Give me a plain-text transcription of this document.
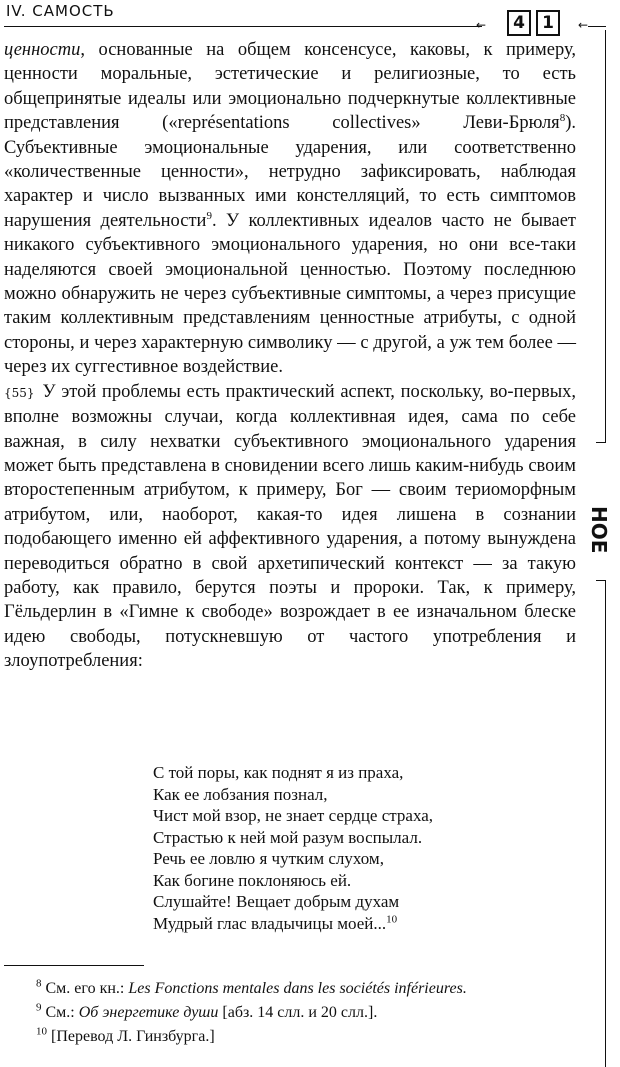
IV. САМОСТЬ
←	4	1	←
НОЕ

ценности, основанные на общем консенсусе, каковы, к примеру, ценности моральные, эстетические и религиозные, то есть общепринятые идеалы или эмоционально подчеркнутые коллективные представления («représentations collectives» Леви-Брюля$^8$). Субъективные эмоциональные ударения, или соответственно «количественные ценности», нетрудно зафиксировать, наблюдая характер и число вызванных ими констелляций, то есть симптомов нарушения деятельности$^9$. У коллективных идеалов часто не бывает никакого субъективного эмоционального ударения, но они все-таки наделяются своей эмоциональной ценностью. Поэтому последнюю можно обнаружить не через субъективные симптомы, а через присущие таким коллективным представлениям ценностные атрибуты, с одной стороны, и через характерную символику — с другой, а уж тем более — через их суггестивное воздействие.

{55} У этой проблемы есть практический аспект, поскольку, во-первых, вполне возможны случаи, когда коллективная идея, сама по себе важная, в силу нехватки субъективного эмоционального ударения может быть представлена в сновидении всего лишь каким-нибудь своим второстепенным атрибутом, к примеру, Бог — своим териоморфным атрибутом, или, наоборот, какая-то идея лишена в сознании подобающего именно ей аффективного ударения, а потому вынуждена переводиться обратно в свой архетипический контекст — за такую работу, как правило, берутся поэты и пророки. Так, к примеру, Гёльдерлин в «Гимне к свободе» возрождает в ее изначальном блеске идею свободы, потускневшую от частого употребления и злоупотребления:

С той поры, как поднят я из праха,
Как ее лобзания познал,
Чист мой взор, не знает сердце страха,
Страстью к ней мой разум воспылал.
Речь ее ловлю я чутким слухом,
Как богине поклоняюсь ей.
Слушайте! Вещает добрым духам
Мудрый глас владычицы моей...$^{10}$
$^8$ См. его кн.: Les Fonctions mentales dans les sociétés inférieures.
$^9$ См.: Об энергетике души [абз. 14 слл. и 20 слл.].
$^{10}$ [Перевод Л. Гинзбурга.]
